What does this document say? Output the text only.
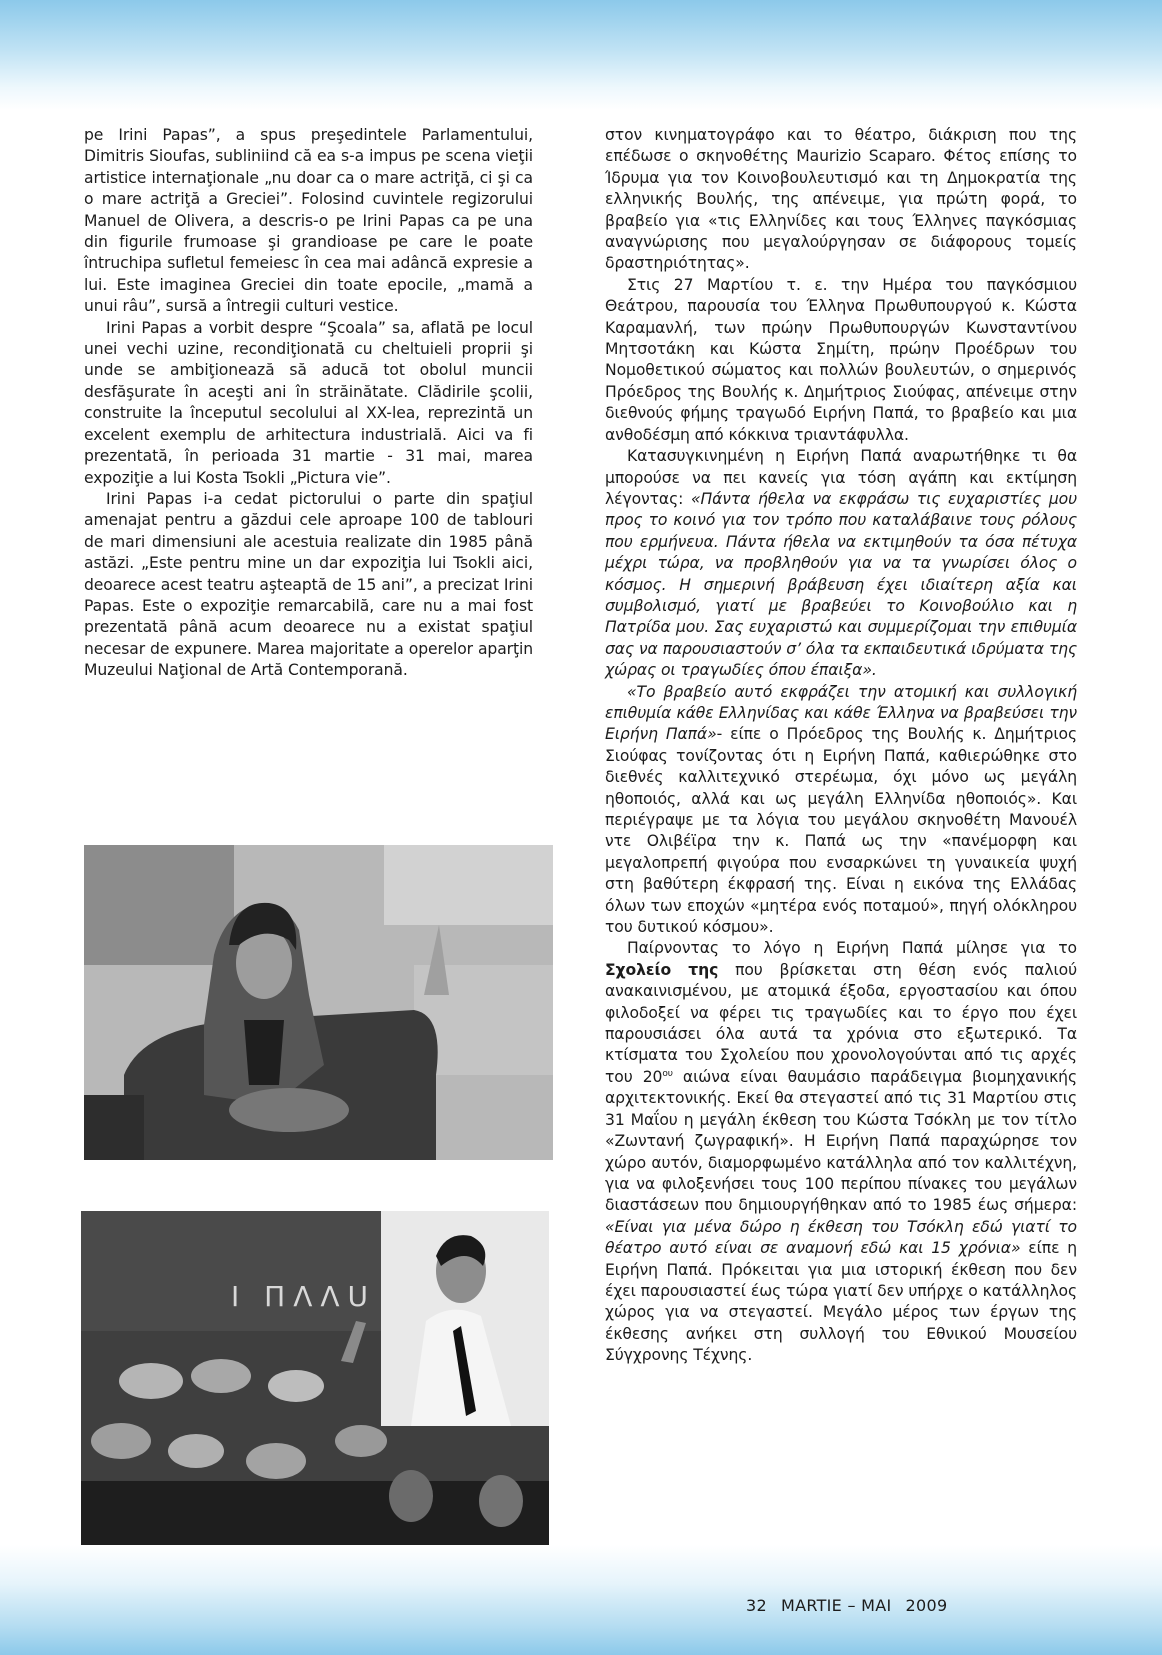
pe Irini Papas”, a spus preşedintele Parlamentului, Dimitris Sioufas, subliniind că ea s-a impus pe scena vieţii artistice internaţionale „nu doar ca o mare actriţă, ci şi ca o mare actriţă a Greciei”. Folosind cuvintele regizorului Manuel de Olivera, a descris-o pe Irini Papas ca pe una din figurile frumoase şi grandioase pe care le poate întruchipa sufletul femeiesc în cea mai adâncă expresie a lui. Este imaginea Greciei din toate epocile, „mamă a unui râu”, sursă a întregii culturi vestice.

Irini Papas a vorbit despre “Şcoala” sa, aflată pe locul unei vechi uzine, recondiţionată cu cheltuieli proprii şi unde se ambiţionează să aducă tot obolul muncii desfăşurate în aceşti ani în străinătate. Clădirile şcolii, construite la începutul secolului al XX-lea, reprezintă un excelent exemplu de arhitectura industrială. Aici va fi prezentată, în perioada 31 martie - 31 mai, marea expoziţie a lui Kosta Tsokli „Pictura vie”.

Irini Papas i-a cedat pictorului o parte din spaţiul amenajat pentru a găzdui cele aproape 100 de tablouri de mari dimensiuni ale acestuia realizate din 1985 până astăzi. „Este pentru mine un dar expoziţia lui Tsokli aici, deoarece acest teatru aşteaptă de 15 ani”, a precizat Irini Papas. Este o expoziţie remarcabilă, care nu a mai fost prezentată până acum deoarece nu a existat spaţiul necesar de expunere. Marea majoritate a operelor aparţin Muzeului Naţional de Artă Contemporană.

I ΠΛΛU

στον κινηματογράφο και το θέατρο, διάκριση που της επέδωσε ο σκηνοθέτης Maurizio Scaparo. Φέτος επίσης το Ίδρυμα για τον Κοινοβουλευτισμό και τη Δημοκρατία της ελληνικής Βουλής, της απένειμε, για πρώτη φορά, το βραβείο για «τις Ελληνίδες και τους Έλληνες παγκόσμιας αναγνώρισης που μεγαλούργησαν σε διάφορους τομείς δραστηριότητας».

Στις 27 Μαρτίου τ. ε. την Ημέρα του παγκόσμιου Θεάτρου, παρουσία του Έλληνα Πρωθυπουργού κ. Κώστα Καραμανλή, των πρώην Πρωθυπουργών Κωνσταντίνου Μητσοτάκη και Κώστα Σημίτη, πρώην Προέδρων του Νομοθετικού σώματος και πολλών βουλευτών, ο σημερινός Πρόεδρος της Βουλής κ. Δημήτριος Σιούφας, απένειμε στην διεθνούς φήμης τραγωδό Ειρήνη Παπά, το βραβείο και μια ανθοδέσμη από κόκκινα τριαντάφυλλα.

Κατασυγκινημένη η Ειρήνη Παπά αναρωτήθηκε τι θα μπορούσε να πει κανείς για τόση αγάπη και εκτίμηση λέγοντας: «Πάντα ήθελα να εκφράσω τις ευχαριστίες μου προς το κοινό για τον τρόπο που καταλάβαινε τους ρόλους που ερμήνευα. Πάντα ήθελα να εκτιμηθούν τα όσα πέτυχα μέχρι τώρα, να προβληθούν για να τα γνωρίσει όλος ο κόσμος. Η σημερινή βράβευση έχει ιδιαίτερη αξία και συμβολισμό, γιατί με βραβεύει το Κοινοβούλιο και η Πατρίδα μου. Σας ευχαριστώ και συμμερίζομαι την επιθυμία σας να παρουσιαστούν σ’ όλα τα εκπαιδευτικά ιδρύματα της χώρας οι τραγωδίες όπου έπαιξα».

«Το βραβείο αυτό εκφράζει την ατομική και συλλογική επιθυμία κάθε Ελληνίδας και κάθε Έλληνα να βραβεύσει την Ειρήνη Παπά»- είπε ο Πρόεδρος της Βουλής κ. Δημήτριος Σιούφας τονίζοντας ότι η Ειρήνη Παπά, καθιερώθηκε στο διεθνές καλλιτεχνικό στερέωμα, όχι μόνο ως μεγάλη ηθοποιός, αλλά και ως μεγάλη Ελληνίδα ηθοποιός». Και περιέγραψε με τα λόγια του μεγάλου σκηνοθέτη Μανουέλ ντε Ολιβέϊρα την κ. Παπά ως την «πανέμορφη και μεγαλοπρεπή φιγούρα που ενσαρκώνει τη γυναικεία ψυχή στη βαθύτερη έκφρασή της. Είναι η εικόνα της Ελλάδας όλων των εποχών «μητέρα ενός ποταμού», πηγή ολόκληρου του δυτικού κόσμου».

Παίρνοντας το λόγο η Ειρήνη Παπά μίλησε για το Σχολείο της που βρίσκεται στη θέση ενός παλιού ανακαινισμένου, με ατομικά έξοδα, εργοστασίου και όπου φιλοδοξεί να φέρει τις τραγωδίες και το έργο που έχει παρουσιάσει όλα αυτά τα χρόνια στο εξωτερικό. Τα κτίσματα του Σχολείου που χρονολογούνται από τις αρχές του $20^{o\upsilon}$ αιώνα είναι θαυμάσιο παράδειγμα βιομηχανικής αρχιτεκτονικής. Εκεί θα στεγαστεί από τις 31 Μαρτίου στις 31 Μαΐου η μεγάλη έκθεση του Κώστα Τσόκλη με τον τίτλο «Ζωντανή ζωγραφική». Η Ειρήνη Παπά παραχώρησε τον χώρο αυτόν, διαμορφωμένο κατάλληλα από τον καλλιτέχνη, για να φιλοξενήσει τους 100 περίπου πίνακες του μεγάλων διαστάσεων που δημιουργήθηκαν από το 1985 έως σήμερα: «Είναι για μένα δώρο η έκθεση του Τσόκλη εδώ γιατί το θέατρο αυτό είναι σε αναμονή εδώ και 15 χρόνια» είπε η Ειρήνη Παπά. Πρόκειται για μια ιστορική έκθεση που δεν έχει παρουσιαστεί έως τώρα γιατί δεν υπήρχε ο κατάλληλος χώρος για να στεγαστεί. Μεγάλο μέρος των έργων της έκθεσης ανήκει στη συλλογή του Εθνικού Μουσείου Σύγχρονης Τέχνης.

32 MARTIE – MAI 2009
